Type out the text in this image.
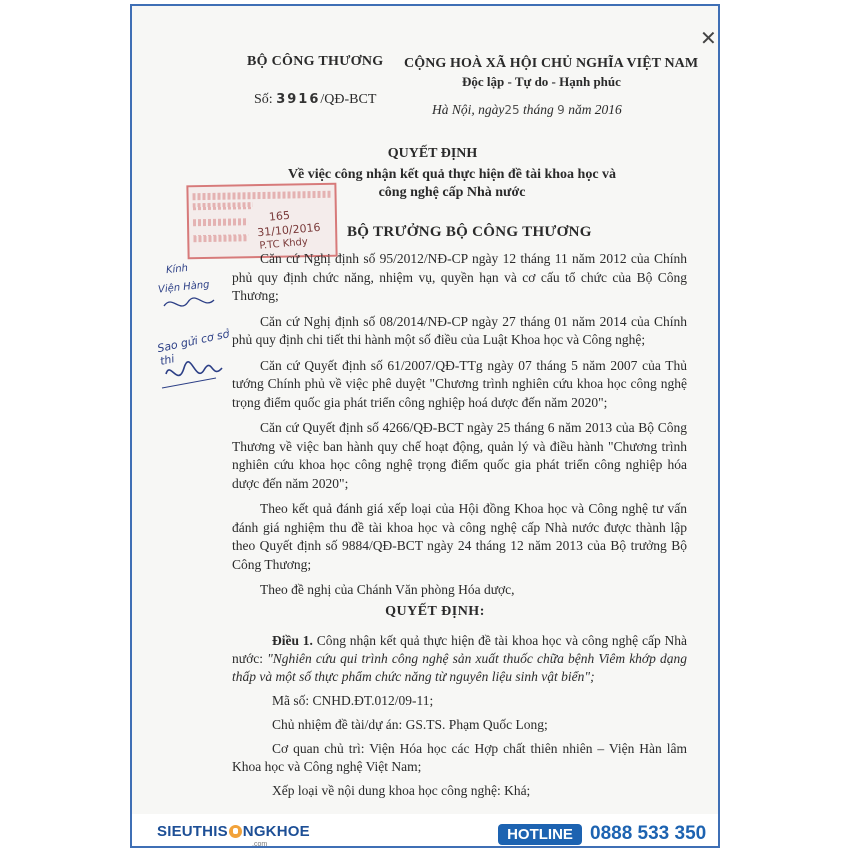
✕
BỘ CÔNG THƯƠNG
Số: 3916/QĐ-BCT
CỘNG HOÀ XÃ HỘI CHỦ NGHĨA VIỆT NAM
Độc lập - Tự do - Hạnh phúc
Hà Nội, ngày25 tháng 9 năm 2016
QUYẾT ĐỊNH
Về việc công nhận kết quả thực hiện đề tài khoa học và
công nghệ cấp Nhà nước
165
31/10/2016
P.TC Khdy
BỘ TRƯỞNG BỘ CÔNG THƯƠNG
Kính
Viện Hàng
Sao gửi cơ sở thi

Căn cứ Nghị định số 95/2012/NĐ-CP ngày 12 tháng 11 năm 2012 của Chính phủ quy định chức năng, nhiệm vụ, quyền hạn và cơ cấu tổ chức của Bộ Công Thương;

Căn cứ Nghị định số 08/2014/NĐ-CP ngày 27 tháng 01 năm 2014 của Chính phủ quy định chi tiết thi hành một số điều của Luật Khoa học và Công nghệ;

Căn cứ Quyết định số 61/2007/QĐ-TTg ngày 07 tháng 5 năm 2007 của Thủ tướng Chính phủ về việc phê duyệt "Chương trình nghiên cứu khoa học công nghệ trọng điểm quốc gia phát triển công nghiệp hoá dược đến năm 2020";

Căn cứ Quyết định số 4266/QĐ-BCT ngày 25 tháng 6 năm 2013 của Bộ Công Thương về việc ban hành quy chế hoạt động, quản lý và điều hành "Chương trình nghiên cứu khoa học công nghệ trọng điểm quốc gia phát triển công nghiệp hóa dược đến năm 2020";

Theo kết quả đánh giá xếp loại của Hội đồng Khoa học và Công nghệ tư vấn đánh giá nghiệm thu đề tài khoa học và công nghệ cấp Nhà nước được thành lập theo Quyết định số 9884/QĐ-BCT ngày 24 tháng 12 năm 2013 của Bộ trưởng Bộ Công Thương;

Theo đề nghị của Chánh Văn phòng Hóa dược,

QUYẾT ĐỊNH:
Điều 1. Công nhận kết quả thực hiện đề tài khoa học và công nghệ cấp Nhà nước: "Nghiên cứu qui trình công nghệ sản xuất thuốc chữa bệnh Viêm khớp dạng thấp và một số thực phẩm chức năng từ nguyên liệu sinh vật biển";
Mã số: CNHD.ĐT.012/09-11;
Chủ nhiệm đề tài/dự án: GS.TS. Phạm Quốc Long;
Cơ quan chủ trì: Viện Hóa học các Hợp chất thiên nhiên – Viện Hàn lâm Khoa học và Công nghệ Việt Nam;
Xếp loại về nội dung khoa học công nghệ: Khá;
SIEUTHIS NGKHOE
.com
HOTLINE 0888 533 350
